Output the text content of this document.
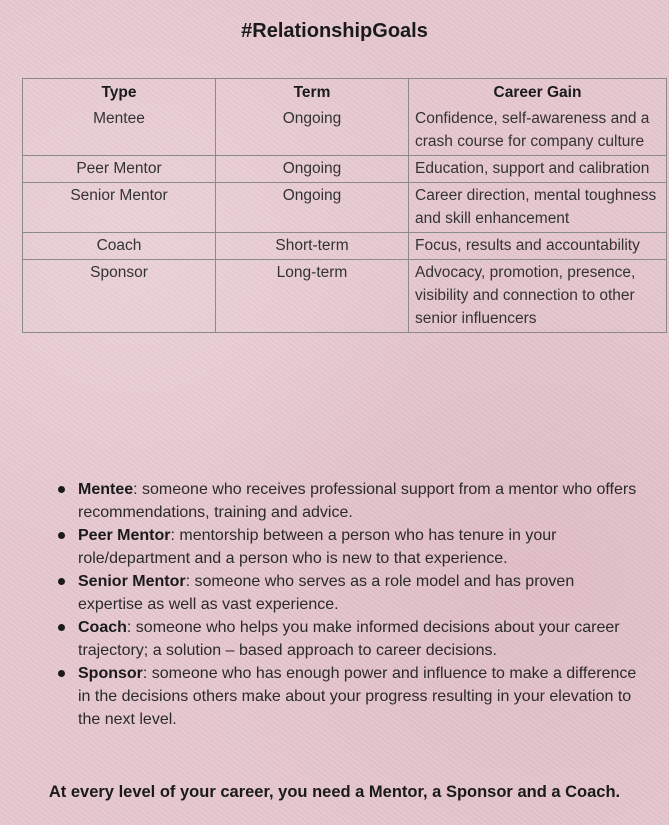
#RelationshipGoals
Type	Term	Career Gain
Mentee	Ongoing	Confidence, self-awareness and a crash course for company culture
Peer Mentor	Ongoing	Education, support and calibration
Senior Mentor	Ongoing	Career direction, mental toughness and skill enhancement
Coach	Short-term	Focus, results and accountability
Sponsor	Long-term	Advocacy, promotion, presence, visibility and connection to other senior influencers
Mentee: someone who receives professional support from a mentor who offers recommendations, training and advice.
Peer Mentor: mentorship between a person who has tenure in your role/department and a person who is new to that experience.
Senior Mentor: someone who serves as a role model and has proven expertise as well as vast experience.
Coach: someone who helps you make informed decisions about your career trajectory; a solution – based approach to career decisions.
Sponsor: someone who has enough power and influence to make a difference in the decisions others make about your progress resulting in your elevation to the next level.
At every level of your career, you need a Mentor, a Sponsor and a Coach.
